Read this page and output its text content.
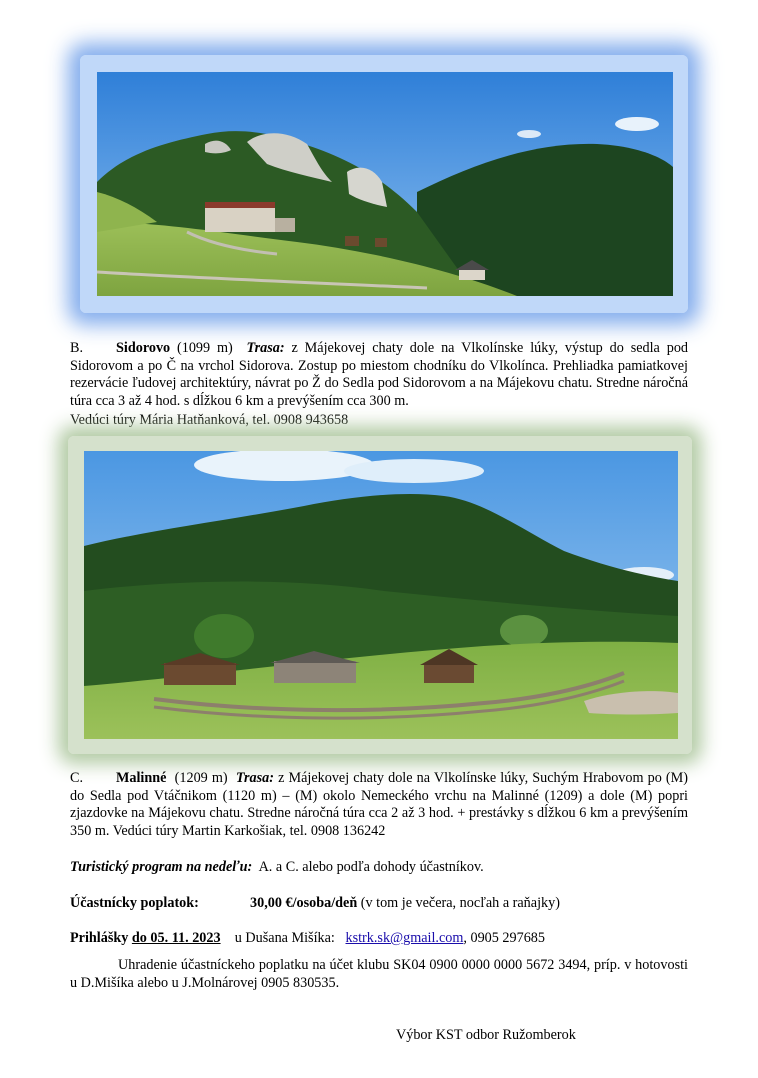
B. Sidorovo (1099 m) Trasa: z Májekovej chaty dole na Vlkolínske lúky, výstup do sedla pod Sidorovom a po Č na vrchol Sidorova. Zostup po miestom chodníku do Vlkolínca. Prehliadka pamiatkovej rezervácie ľudovej architektúry, návrat po Ž do Sedla pod Sidorovom a na Májekovu chatu. Stredne náročná túra cca 3 až 4 hod. s dĺžkou 6 km a prevýšením cca 300 m.
Vedúci túry Mária Hatňanková, tel. 0908 943658
C. Malinné (1209 m) Trasa: z Májekovej chaty dole na Vlkolínske lúky, Suchým Hrabovom po (M) do Sedla pod Vtáčnikom (1120 m) – (M) okolo Nemeckého vrchu na Malinné (1209) a dole (M) popri zjazdovke na Májekovu chatu. Stredne náročná túra cca 2 až 3 hod. + prestávky s dĺžkou 6 km a prevýšením 350 m. Vedúci túry Martin Karkošiak, tel. 0908 136242
Turistický program na nedeľu: A. a C. alebo podľa dohody účastníkov.
Účastnícky poplatok:	30,00 €/osoba/deň (v tom je večera, nocľah a raňajky)
Prihlášky do 05. 11. 2023 u Dušana Mišíka: kstrk.sk@gmail.com, 0905 297685
Uhradenie účastníckeho poplatku na účet klubu SK04 0900 0000 0000 5672 3494, príp. v hotovosti u D.Mišíka alebo u J.Molnárovej 0905 830535.
Výbor KST odbor Ružomberok
